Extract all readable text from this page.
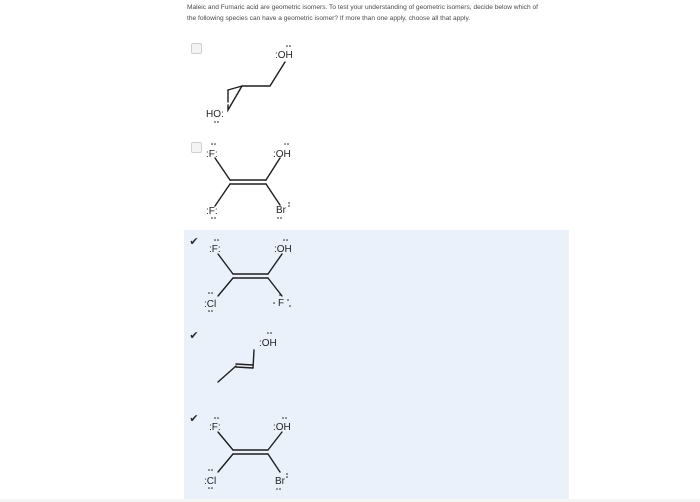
Maleic and Fumaric acid are geometric isomers. To test your understanding of geometric isomers, decide below which of
the following species can have a geometric isomer? If more than one apply, choose all that apply.
:OH
HO:
:F:	:OH
:F:	Br
✔
:F:	:OH
:Cl	F
✔
:OH
✔
:F:	:OH
:Cl	Br
